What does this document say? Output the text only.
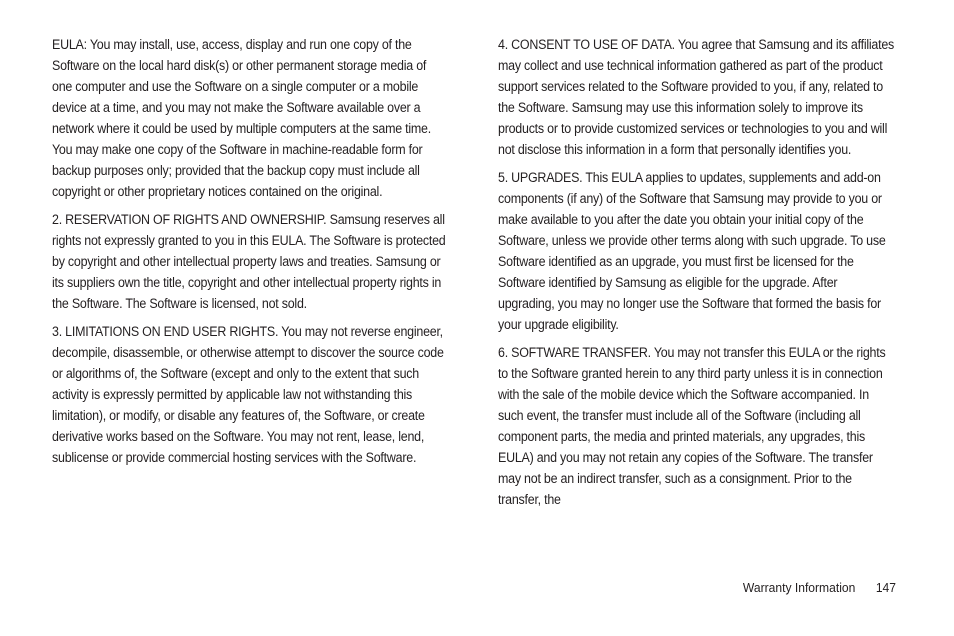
EULA: You may install, use, access, display and run one copy of the Software on the local hard disk(s) or other permanent storage media of one computer and use the Software on a single computer or a mobile device at a time, and you may not make the Software available over a network where it could be used by multiple computers at the same time. You may make one copy of the Software in machine-readable form for backup purposes only; provided that the backup copy must include all copyright or other proprietary notices contained on the original.

2. RESERVATION OF RIGHTS AND OWNERSHIP. Samsung reserves all rights not expressly granted to you in this EULA. The Software is protected by copyright and other intellectual property laws and treaties. Samsung or its suppliers own the title, copyright and other intellectual property rights in the Software. The Software is licensed, not sold.

3. LIMITATIONS ON END USER RIGHTS. You may not reverse engineer, decompile, disassemble, or otherwise attempt to discover the source code or algorithms of, the Software (except and only to the extent that such activity is expressly permitted by applicable law not withstanding this limitation), or modify, or disable any features of, the Software, or create derivative works based on the Software. You may not rent, lease, lend, sublicense or provide commercial hosting services with the Software.

4. CONSENT TO USE OF DATA. You agree that Samsung and its affiliates may collect and use technical information gathered as part of the product support services related to the Software provided to you, if any, related to the Software. Samsung may use this information solely to improve its products or to provide customized services or technologies to you and will not disclose this information in a form that personally identifies you.

5. UPGRADES. This EULA applies to updates, supplements and add-on components (if any) of the Software that Samsung may provide to you or make available to you after the date you obtain your initial copy of the Software, unless we provide other terms along with such upgrade. To use Software identified as an upgrade, you must first be licensed for the Software identified by Samsung as eligible for the upgrade. After upgrading, you may no longer use the Software that formed the basis for your upgrade eligibility.

6. SOFTWARE TRANSFER. You may not transfer this EULA or the rights to the Software granted herein to any third party unless it is in connection with the sale of the mobile device which the Software accompanied. In such event, the transfer must include all of the Software (including all component parts, the media and printed materials, any upgrades, this EULA) and you may not retain any copies of the Software. The transfer may not be an indirect transfer, such as a consignment. Prior to the transfer, the

Warranty Information 147
